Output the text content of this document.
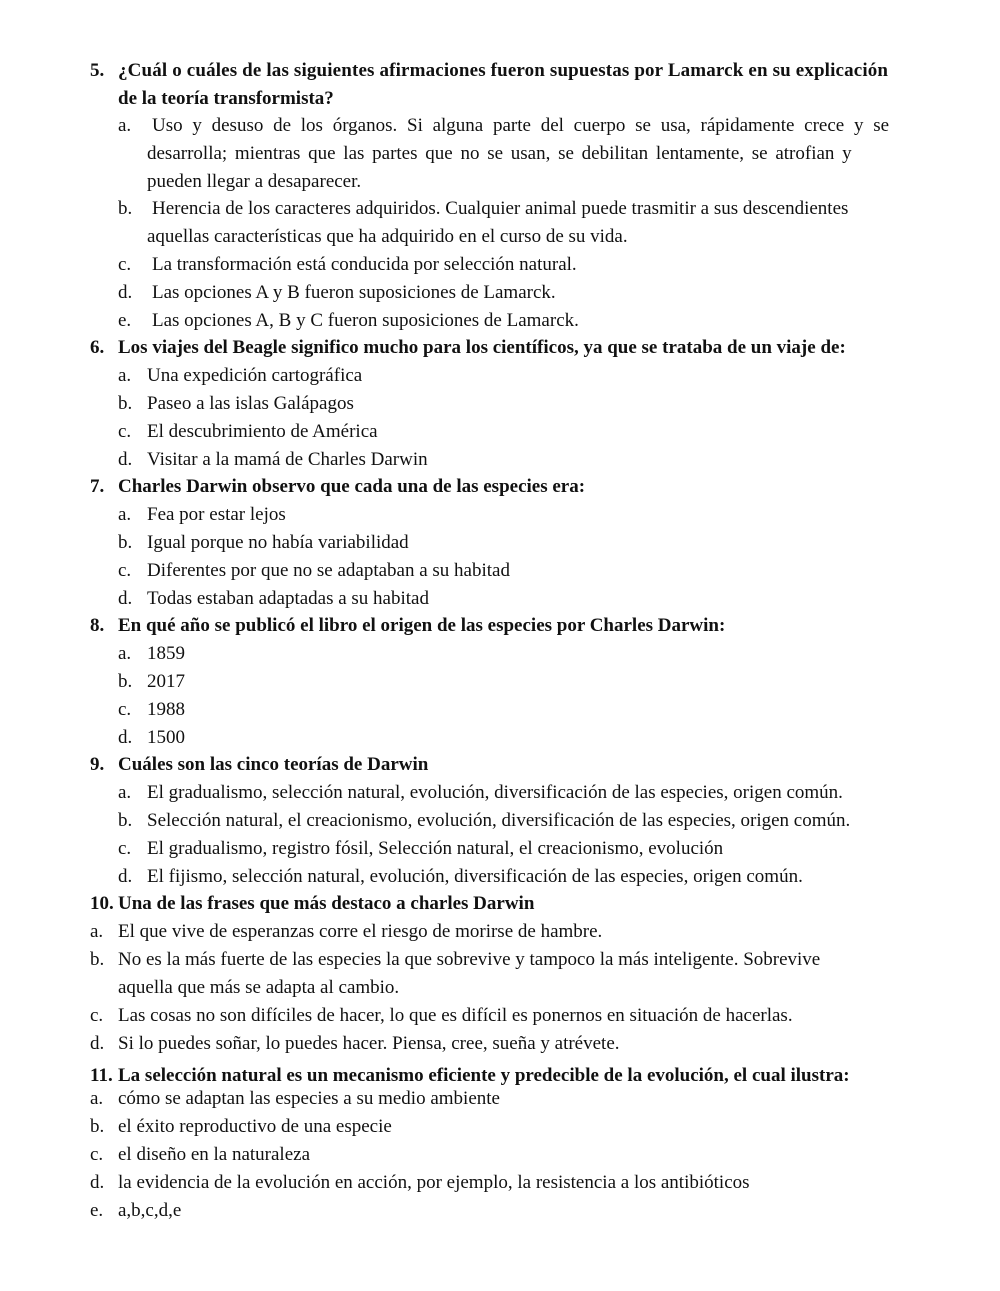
5. ¿Cuál o cuáles de las siguientes afirmaciones fueron supuestas por Lamarck en su explicación
de la teoría transformista?
a. Uso y desuso de los órganos. Si alguna parte del cuerpo se usa, rápidamente crece y se
desarrolla; mientras que las partes que no se usan, se debilitan lentamente, se atrofian y
pueden llegar a desaparecer.
b. Herencia de los caracteres adquiridos. Cualquier animal puede trasmitir a sus descendientes
aquellas características que ha adquirido en el curso de su vida.
c. La transformación está conducida por selección natural.
d. Las opciones A y B fueron suposiciones de Lamarck.
e. Las opciones A, B y C fueron suposiciones de Lamarck.
6. Los viajes del Beagle significo mucho para los científicos, ya que se trataba de un viaje de:
a. Una expedición cartográfica
b. Paseo a las islas Galápagos
c. El descubrimiento de América
d. Visitar a la mamá de Charles Darwin
7. Charles Darwin observo que cada una de las especies era:
a. Fea por estar lejos
b. Igual porque no había variabilidad
c. Diferentes por que no se adaptaban a su habitad
d. Todas estaban adaptadas a su habitad
8. En qué año se publicó el libro el origen de las especies por Charles Darwin:
a. 1859
b. 2017
c. 1988
d. 1500
9. Cuáles son las cinco teorías de Darwin
a. El gradualismo, selección natural, evolución, diversificación de las especies, origen común.
b. Selección natural, el creacionismo, evolución, diversificación de las especies, origen común.
c. El gradualismo, registro fósil, Selección natural, el creacionismo, evolución
d. El fijismo, selección natural, evolución, diversificación de las especies, origen común.
10. Una de las frases que más destaco a charles Darwin
a. El que vive de esperanzas corre el riesgo de morirse de hambre.
b. No es la más fuerte de las especies la que sobrevive y tampoco la más inteligente. Sobrevive
aquella que más se adapta al cambio.
c. Las cosas no son difíciles de hacer, lo que es difícil es ponernos en situación de hacerlas.
d. Si lo puedes soñar, lo puedes hacer. Piensa, cree, sueña y atrévete.
11. La selección natural es un mecanismo eficiente y predecible de la evolución, el cual ilustra:
a. cómo se adaptan las especies a su medio ambiente
b. el éxito reproductivo de una especie
c. el diseño en la naturaleza
d. la evidencia de la evolución en acción, por ejemplo, la resistencia a los antibióticos
e. a,b,c,d,e
